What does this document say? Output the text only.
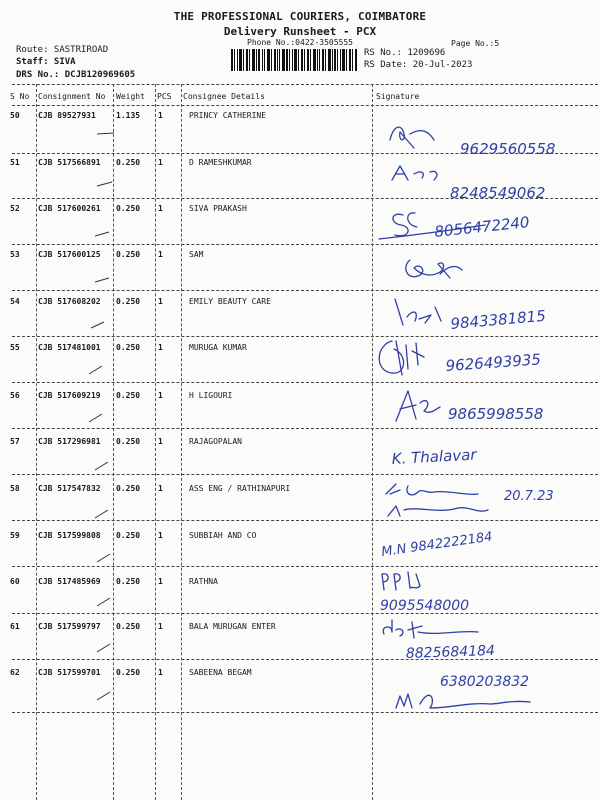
THE PROFESSIONAL COURIERS, COIMBATORE
Delivery Runsheet - PCX
Phone No.:0422-3505555	Page No.:5
Route: SASTRIROAD
Staff: SIVA
DRS No.: DCJB120969605
RS No.: 1209696
RS Date: 20-Jul-2023
S No Consignment No Weight PCS Consignee Details	Signature
50 CJB 89527931	1.135 1	PRINCY CATHERINE
9629560558
51 CJB 517566891 0.250 1	D RAMESHKUMAR
8248549062
52 CJB 517600261 0.250 1	SIVA PRAKASH
8056472240
53 CJB 517600125 0.250 1	SAM
54 CJB 517608202 0.250 1	EMILY BEAUTY CARE
9843381815
55 CJB 517481001 0.250 1	MURUGA KUMAR
9626493935
56 CJB 517609219 0.250 1	H LIGOURI
9865998558
57 CJB 517296981 0.250 1	RAJAGOPALAN
K. Thalavar
58 CJB 517547832 0.250 1	ASS ENG / RATHINAPURI
20.7.23
59 CJB 517599808 0.250 1	SUBBIAH AND CO	M.N 9842222184
60 CJB 517485969 0.250 1	RATHNA
9095548000
61 CJB 517599797 0.250 1	BALA MURUGAN ENTER
8825684184
62 CJB 517599701 0.250 1	SABEENA BEGAM
6380203832
